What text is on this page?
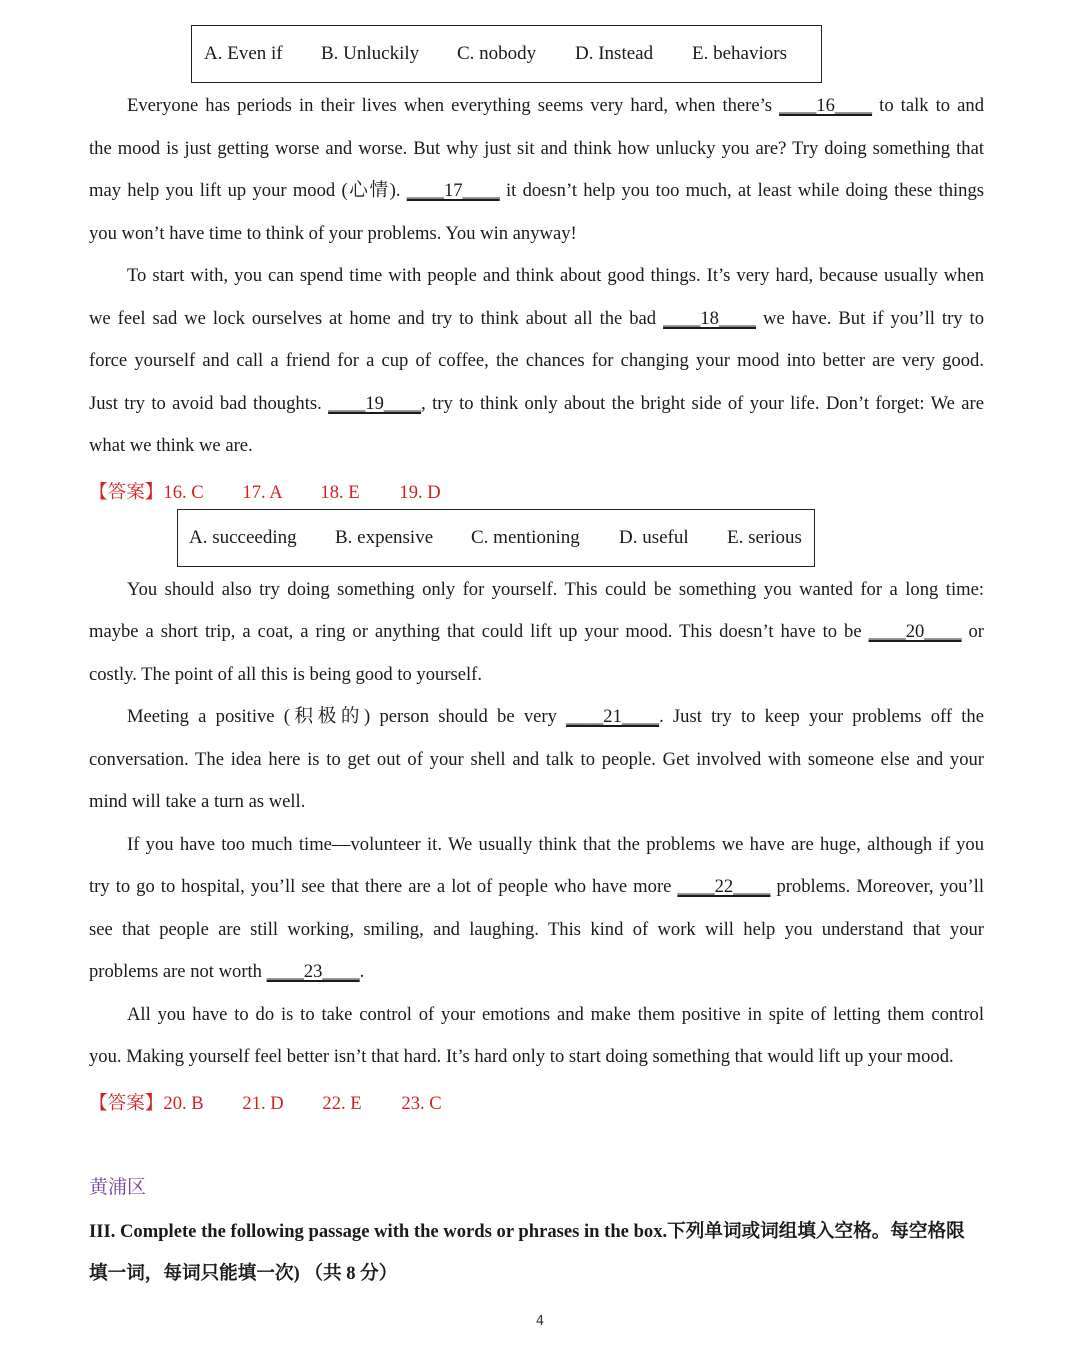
A. Even if	B. Unluckily	C. nobody	D. Instead	E. behaviors
Everyone has periods in their lives when everything seems very hard, when there’s ____16____ to talk to and
the mood is just getting worse and worse. But why just sit and think how unlucky you are? Try doing something that
may help you lift up your mood (心情). ____17____ it doesn’t help you too much, at least while doing these things
you won’t have time to think of your problems. You win anyway!
To start with, you can spend time with people and think about good things. It’s very hard, because usually when
we feel sad we lock ourselves at home and try to think about all the bad ____18____ we have. But if you’ll try to
force yourself and call a friend for a cup of coffee, the chances for changing your mood into better are very good.
Just try to avoid bad thoughts. ____19____, try to think only about the bright side of your life. Don’t forget: We are
what we think we are.
【答案】16. C 17. A 18. E 19. D
A. succeeding	B. expensive	C. mentioning	D. useful	E. serious
You should also try doing something only for yourself. This could be something you wanted for a long time:
maybe a short trip, a coat, a ring or anything that could lift up your mood. This doesn’t have to be ____20____ or
costly. The point of all this is being good to yourself.
Meeting a positive (积极的) person should be very ____21____. Just try to keep your problems off the
conversation. The idea here is to get out of your shell and talk to people. Get involved with someone else and your
mind will take a turn as well.
If you have too much time—volunteer it. We usually think that the problems we have are huge, although if you
try to go to hospital, you’ll see that there are a lot of people who have more ____22____ problems. Moreover, you’ll
see that people are still working, smiling, and laughing. This kind of work will help you understand that your
problems are not worth ____23____.
All you have to do is to take control of your emotions and make them positive in spite of letting them control
you. Making yourself feel better isn’t that hard. It’s hard only to start doing something that would lift up your mood.
【答案】20. B 21. D 22. E 23. C
黄浦区
III. Complete the following passage with the words or phrases in the box.下列单词或词组填入空格。每空格限
填一词，每词只能填一次) （共 8 分）
4
